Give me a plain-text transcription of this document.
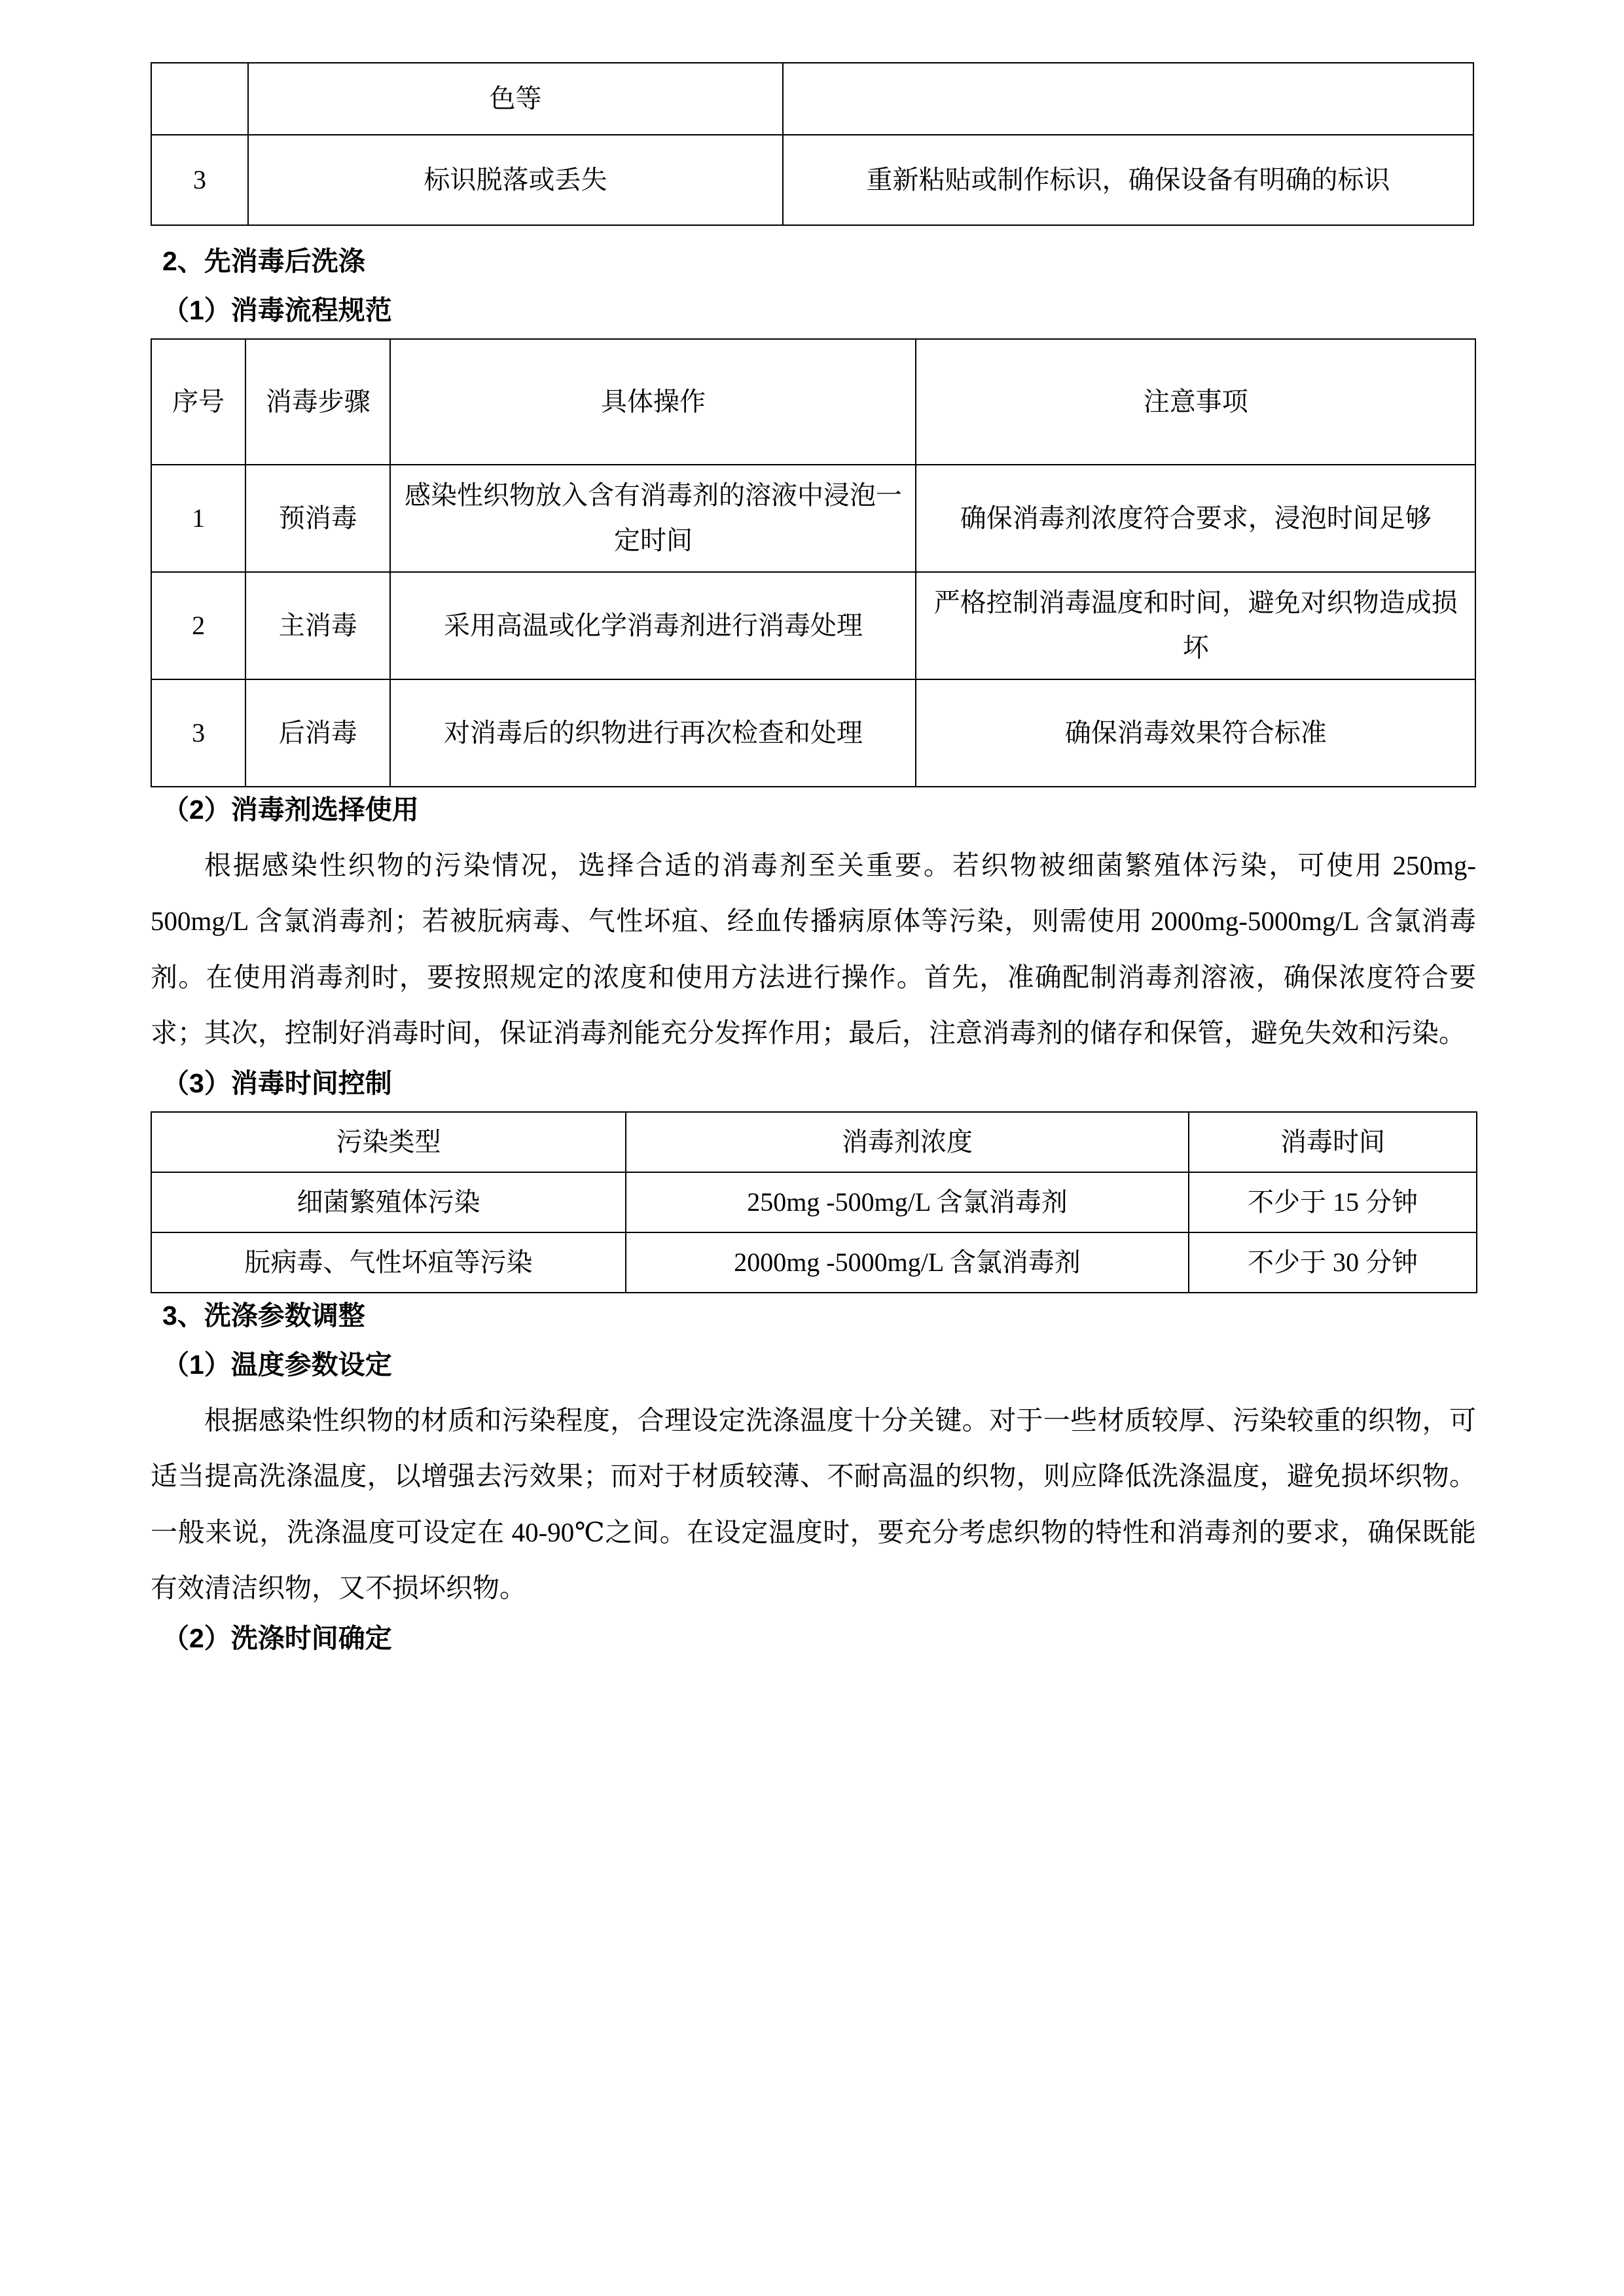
	色等	
3	标识脱落或丢失	重新粘贴或制作标识，确保设备有明确的标识
2、先消毒后洗涤
（1）消毒流程规范
序号	消毒步骤	具体操作	注意事项
1	预消毒	感染性织物放入含有消毒剂的溶液中浸泡一定时间	确保消毒剂浓度符合要求，浸泡时间足够
2	主消毒	采用高温或化学消毒剂进行消毒处理	严格控制消毒温度和时间，避免对织物造成损坏
3	后消毒	对消毒后的织物进行再次检查和处理	确保消毒效果符合标准
（2）消毒剂选择使用

根据感染性织物的污染情况，选择合适的消毒剂至关重要。若织物被细菌繁殖体污染，可使用 250mg-500mg/L 含氯消毒剂；若被朊病毒、气性坏疽、经血传播病原体等污染，则需使用 2000mg-5000mg/L 含氯消毒剂。在使用消毒剂时，要按照规定的浓度和使用方法进行操作。首先，准确配制消毒剂溶液，确保浓度符合要求；其次，控制好消毒时间，保证消毒剂能充分发挥作用；最后，注意消毒剂的储存和保管，避免失效和污染。

（3）消毒时间控制
污染类型	消毒剂浓度	消毒时间
细菌繁殖体污染	250mg -500mg/L 含氯消毒剂	不少于 15 分钟
朊病毒、气性坏疽等污染	2000mg -5000mg/L 含氯消毒剂	不少于 30 分钟
3、洗涤参数调整
（1）温度参数设定

根据感染性织物的材质和污染程度，合理设定洗涤温度十分关键。对于一些材质较厚、污染较重的织物，可适当提高洗涤温度，以增强去污效果；而对于材质较薄、不耐高温的织物，则应降低洗涤温度，避免损坏织物。一般来说，洗涤温度可设定在 40-90℃之间。在设定温度时，要充分考虑织物的特性和消毒剂的要求，确保既能有效清洁织物，又不损坏织物。

（2）洗涤时间确定
